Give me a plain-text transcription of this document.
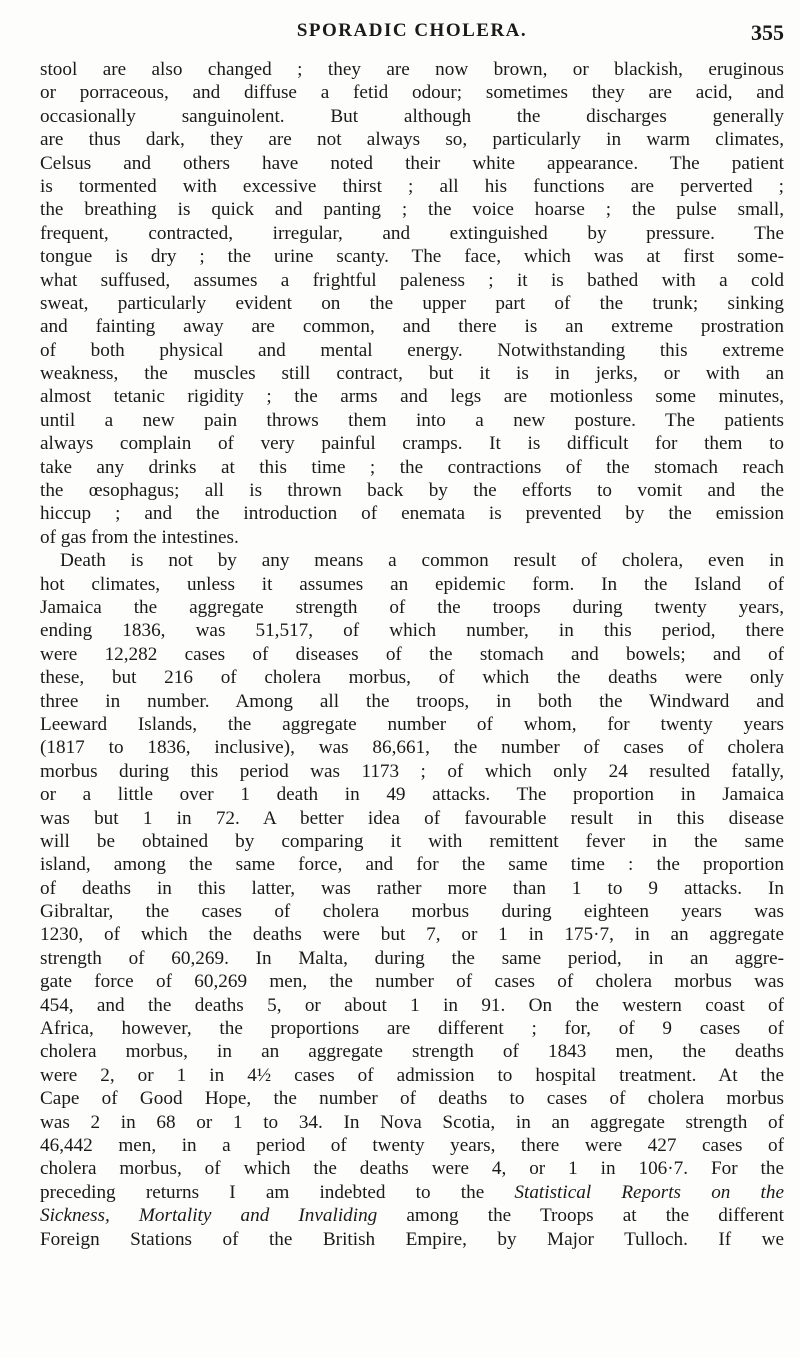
SPORADIC CHOLERA.	355
stool are also changed ; they are now brown, or blackish, eruginous
or porraceous, and diffuse a fetid odour; sometimes they are acid, and
occasionally sanguinolent. But although the discharges generally
are thus dark, they are not always so, particularly in warm climates,
Celsus and others have noted their white appearance. The patient
is tormented with excessive thirst ; all his functions are perverted ;
the breathing is quick and panting ; the voice hoarse ; the pulse small,
frequent, contracted, irregular, and extinguished by pressure. The
tongue is dry ; the urine scanty. The face, which was at first some-
what suffused, assumes a frightful paleness ; it is bathed with a cold
sweat, particularly evident on the upper part of the trunk; sinking
and fainting away are common, and there is an extreme prostration
of both physical and mental energy. Notwithstanding this extreme
weakness, the muscles still contract, but it is in jerks, or with an
almost tetanic rigidity ; the arms and legs are motionless some minutes,
until a new pain throws them into a new posture. The patients
always complain of very painful cramps. It is difficult for them to
take any drinks at this time ; the contractions of the stomach reach
the œsophagus; all is thrown back by the efforts to vomit and the
hiccup ; and the introduction of enemata is prevented by the emission
of gas from the intestines.
Death is not by any means a common result of cholera, even in
hot climates, unless it assumes an epidemic form. In the Island of
Jamaica the aggregate strength of the troops during twenty years,
ending 1836, was 51,517, of which number, in this period, there
were 12,282 cases of diseases of the stomach and bowels; and of
these, but 216 of cholera morbus, of which the deaths were only
three in number. Among all the troops, in both the Windward and
Leeward Islands, the aggregate number of whom, for twenty years
(1817 to 1836, inclusive), was 86,661, the number of cases of cholera
morbus during this period was 1173 ; of which only 24 resulted fatally,
or a little over 1 death in 49 attacks. The proportion in Jamaica
was but 1 in 72. A better idea of favourable result in this disease
will be obtained by comparing it with remittent fever in the same
island, among the same force, and for the same time : the proportion
of deaths in this latter, was rather more than 1 to 9 attacks. In
Gibraltar, the cases of cholera morbus during eighteen years was
1230, of which the deaths were but 7, or 1 in 175·7, in an aggregate
strength of 60,269. In Malta, during the same period, in an aggre-
gate force of 60,269 men, the number of cases of cholera morbus was
454, and the deaths 5, or about 1 in 91. On the western coast of
Africa, however, the proportions are different ; for, of 9 cases of
cholera morbus, in an aggregate strength of 1843 men, the deaths
were 2, or 1 in 4½ cases of admission to hospital treatment. At the
Cape of Good Hope, the number of deaths to cases of cholera morbus
was 2 in 68 or 1 to 34. In Nova Scotia, in an aggregate strength of
46,442 men, in a period of twenty years, there were 427 cases of
cholera morbus, of which the deaths were 4, or 1 in 106·7. For the
preceding returns I am indebted to the Statistical Reports on the
Sickness, Mortality and Invaliding among the Troops at the different
Foreign Stations of the British Empire, by Major Tulloch. If we
